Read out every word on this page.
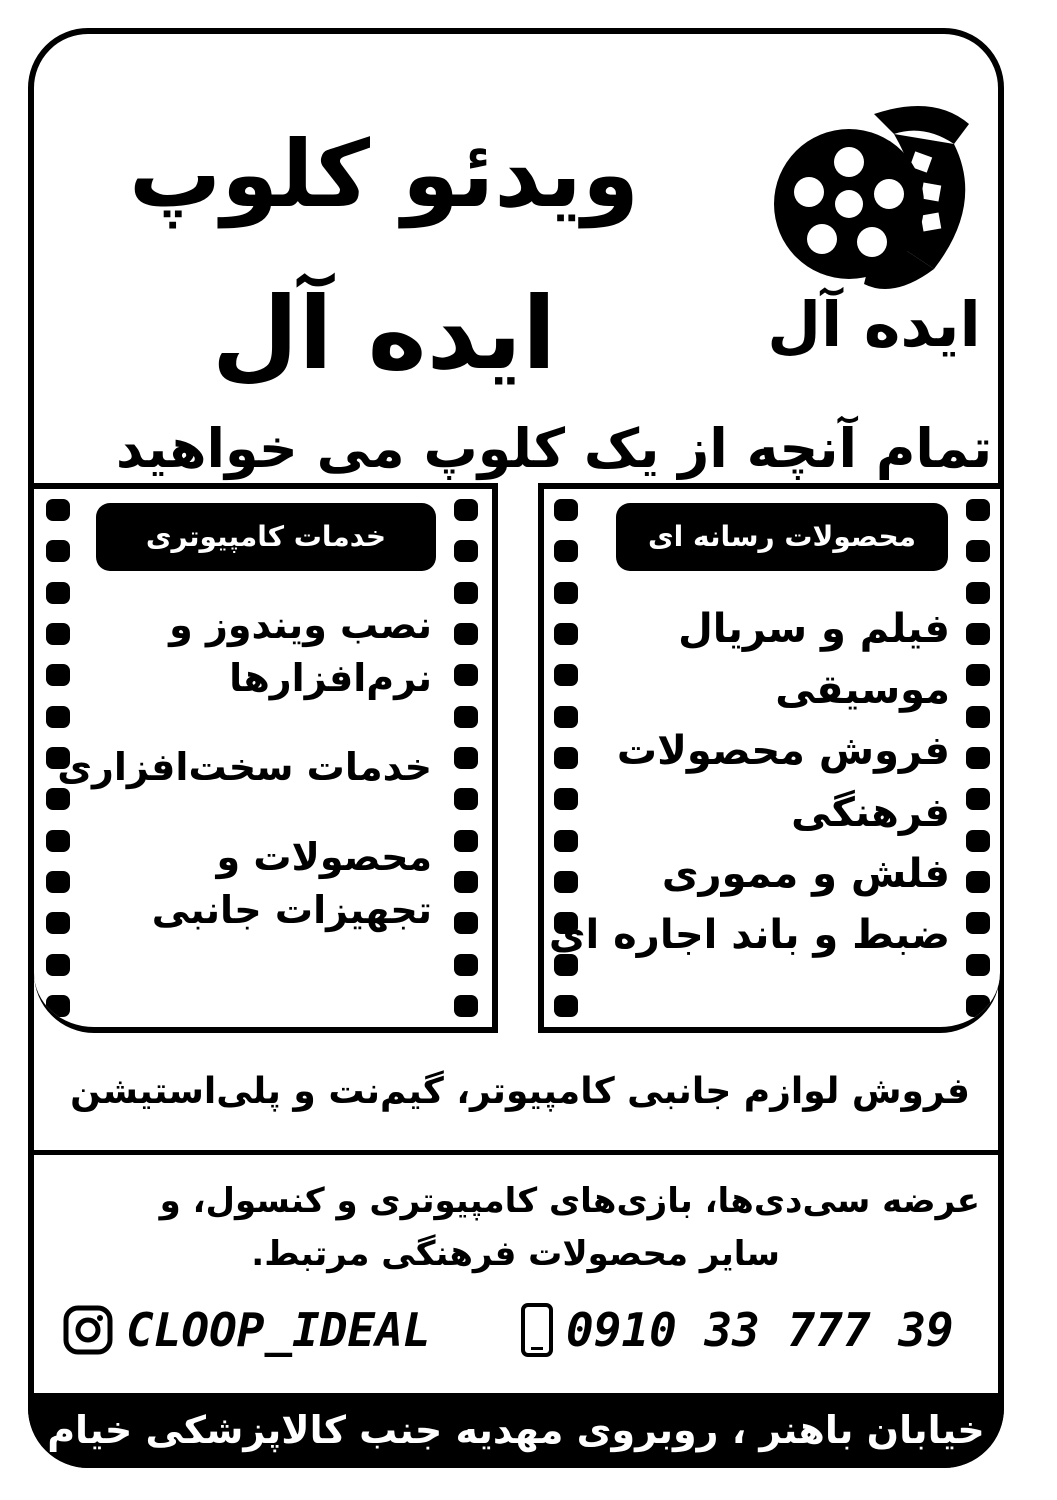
ویدئو کلوپ
ایده آل	ایده آل
تمام آنچه از یک کلوپ می خواهید
محصولات رسانه ای
فیلم و سریال
موسیقی
فروش محصولات
فرهنگی
فلش و مموری
ضبط و باند اجاره ای
خدمات کامپیوتری
نصب ویندوز و
نرم‌افزارها
خدمات سخت‌افزاری
محصولات و
تجهیزات جانبی
فروش لوازم جانبی کامپیوتر، گیم‌نت و پلی‌استیشن
عرضه سی‌دی‌ها، بازی‌های کامپیوتری و کنسول، و
سایر محصولات فرهنگی مرتبط.
CLOOP_IDEAL	0910 33 777 39
خیابان باهنر ، روبروی مهدیه جنب کالاپزشکی خیام
